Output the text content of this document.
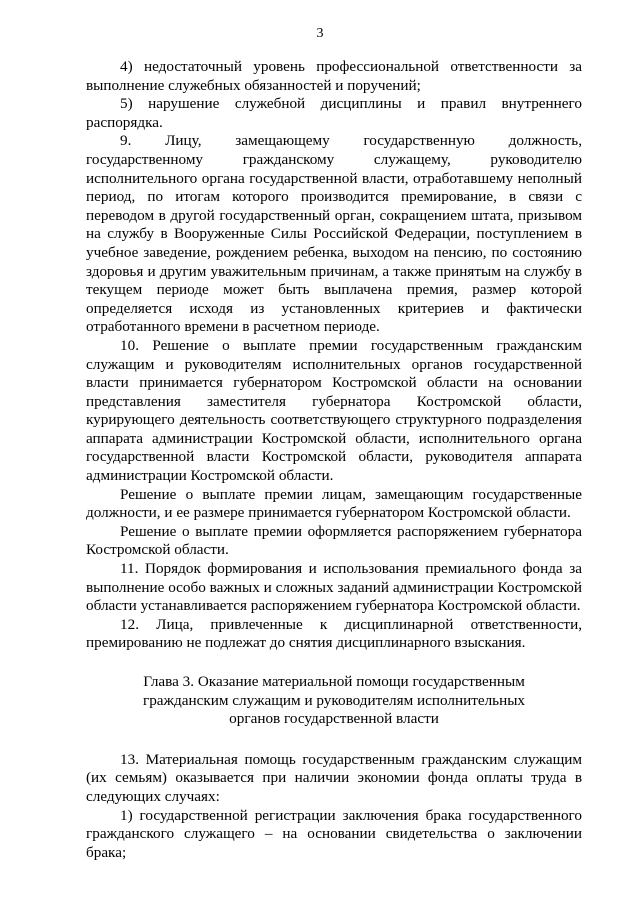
3

4) недостаточный уровень профессиональной ответственности за выполнение служебных обязанностей и поручений;

5) нарушение служебной дисциплины и правил внутреннего распорядка.

9. Лицу, замещающему государственную должность, государственному гражданскому служащему, руководителю исполнительного органа государственной власти, отработавшему неполный период, по итогам которого производится премирование, в связи с переводом в другой государственный орган, сокращением штата, призывом на службу в Вооруженные Силы Российской Федерации, поступлением в учебное заведение, рождением ребенка, выходом на пенсию, по состоянию здоровья и другим уважительным причинам, а также принятым на службу в текущем периоде может быть выплачена премия, размер которой определяется исходя из установленных критериев и фактически отработанного времени в расчетном периоде.

10. Решение о выплате премии государственным гражданским служащим и руководителям исполнительных органов государственной власти принимается губернатором Костромской области на основании представления заместителя губернатора Костромской области, курирующего деятельность соответствующего структурного подразделения аппарата администрации Костромской области, исполнительного органа государственной власти Костромской области, руководителя аппарата администрации Костромской области.

Решение о выплате премии лицам, замещающим государственные должности, и ее размере принимается губернатором Костромской области.

Решение о выплате премии оформляется распоряжением губернатора Костромской области.

11. Порядок формирования и использования премиального фонда за выполнение особо важных и сложных заданий администрации Костромской области устанавливается распоряжением губернатора Костромской области.

12. Лица, привлеченные к дисциплинарной ответственности, премированию не подлежат до снятия дисциплинарного взыскания.

Глава 3. Оказание материальной помощи государственным
гражданским служащим и руководителям исполнительных
органов государственной власти

13. Материальная помощь государственным гражданским служащим (их семьям) оказывается при наличии экономии фонда оплаты труда в следующих случаях:

1) государственной регистрации заключения брака государственного гражданского служащего – на основании свидетельства о заключении брака;
